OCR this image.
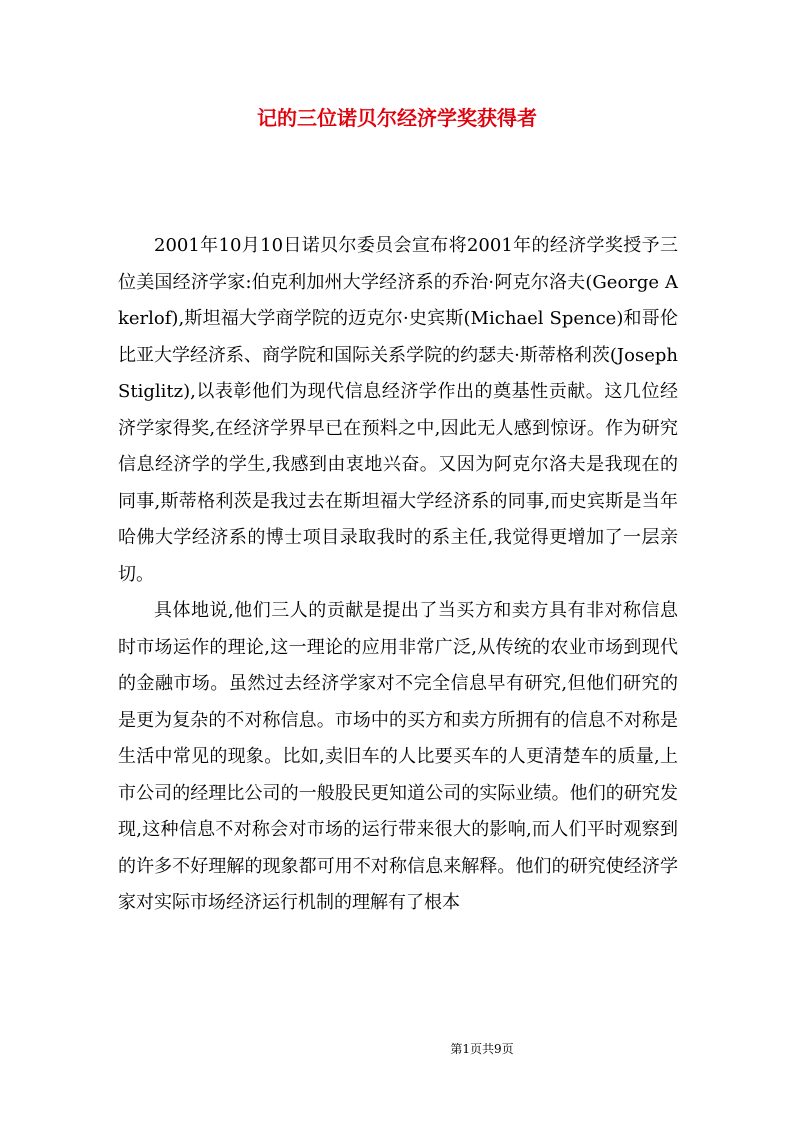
记的三位诺贝尔经济学奖获得者

2001年10月10日诺贝尔委员会宣布将2001年的经济学奖授予三位美国经济学家:伯克利加州大学经济系的乔治·阿克尔洛夫(George Akerlof),斯坦福大学商学院的迈克尔·史宾斯(Michael Spence)和哥伦比亚大学经济系、商学院和国际关系学院的约瑟夫·斯蒂格利茨(Joseph Stiglitz),以表彰他们为现代信息经济学作出的奠基性贡献。这几位经济学家得奖,在经济学界早已在预料之中,因此无人感到惊讶。作为研究信息经济学的学生,我感到由衷地兴奋。又因为阿克尔洛夫是我现在的同事,斯蒂格利茨是我过去在斯坦福大学经济系的同事,而史宾斯是当年哈佛大学经济系的博士项目录取我时的系主任,我觉得更增加了一层亲切。

具体地说,他们三人的贡献是提出了当买方和卖方具有非对称信息时市场运作的理论,这一理论的应用非常广泛,从传统的农业市场到现代的金融市场。虽然过去经济学家对不完全信息早有研究,但他们研究的是更为复杂的不对称信息。市场中的买方和卖方所拥有的信息不对称是生活中常见的现象。比如,卖旧车的人比要买车的人更清楚车的质量,上市公司的经理比公司的一般股民更知道公司的实际业绩。他们的研究发现,这种信息不对称会对市场的运行带来很大的影响,而人们平时观察到的许多不好理解的现象都可用不对称信息来解释。他们的研究使经济学家对实际市场经济运行机制的理解有了根本

第1页共9页
